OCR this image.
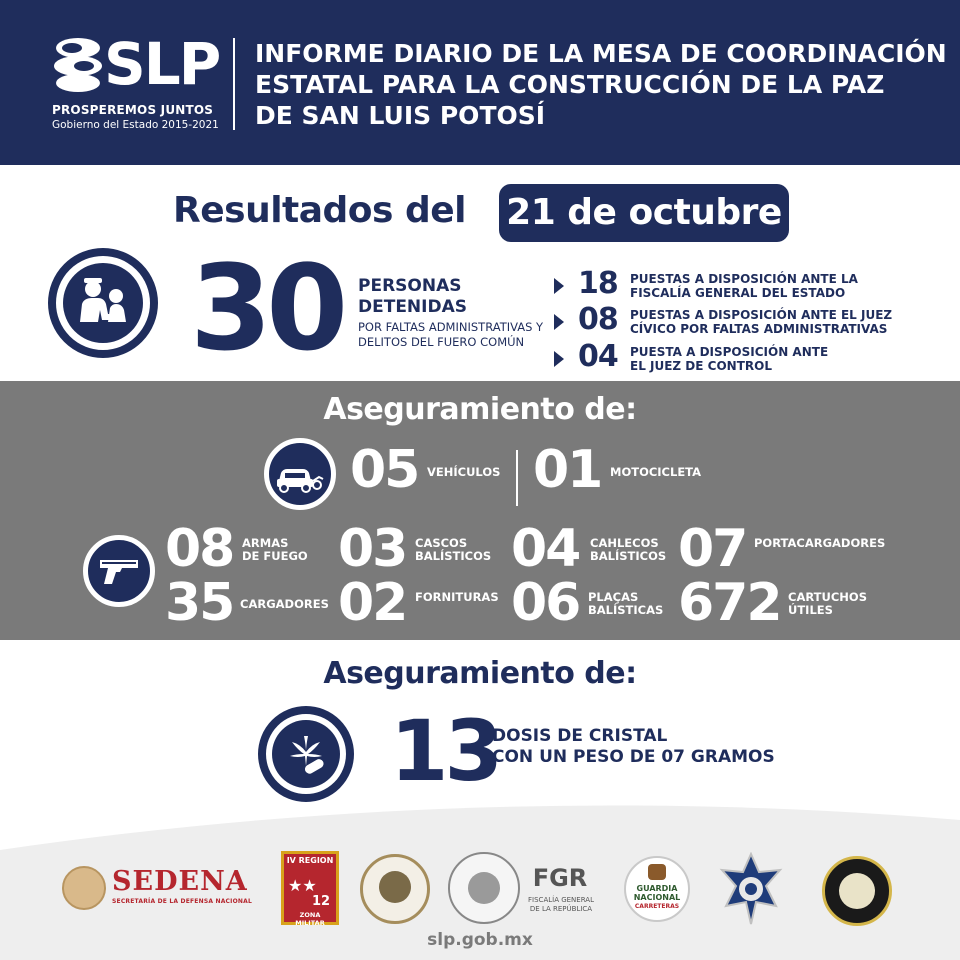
SLP
PROSPEREMOS JUNTOS
Gobierno del Estado 2015-2021
INFORME DIARIO DE LA MESA DE COORDINACIÓN
ESTATAL PARA LA CONSTRUCCIÓN DE LA PAZ
DE SAN LUIS POTOSÍ
Resultados del 21 de octubre
30 PERSONAS
DETENIDAS
POR FALTAS ADMINISTRATIVAS Y
DELITOS DEL FUERO COMÚN
18 PUESTAS A DISPOSICIÓN ANTE LA
FISCALÍA GENERAL DEL ESTADO
08 PUESTAS A DISPOSICIÓN ANTE EL JUEZ
CÍVICO POR FALTAS ADMINISTRATIVAS
04 PUESTA A DISPOSICIÓN ANTE
EL JUEZ DE CONTROL
Aseguramiento de:
05 VEHÍCULOS 01 MOTOCICLETA
08 ARMAS
DE FUEGO 03 CASCOS
BALÍSTICOS 04 CAHLECOS
BALÍSTICOS 07 PORTACARGADORES
35 CARGADORES 02 FORNITURAS 06 PLAÇAS
BALÍSTICAS 672 CARTUCHOS
ÚTILES
Aseguramiento de:
13
DOSIS DE CRISTAL
CON UN PESO DE 07 GRAMOS
SEDENA
SECRETARÍA DE LA DEFENSA NACIONAL
IV REGION
★★
12
ZONA MILITAR
FGR
FISCALÍA GENERAL
DE LA REPÚBLICA
GUARDIA
NACIONAL
CARRETERAS
slp.gob.mx
